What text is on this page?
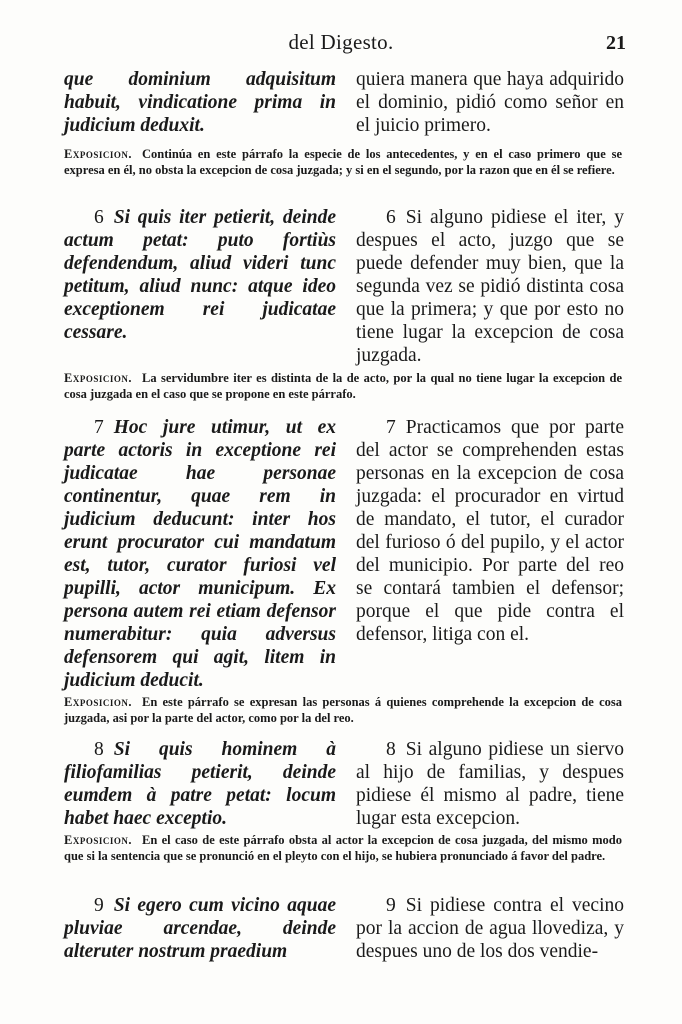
del Digesto.	21
que dominium adquisitum habuit, vindicatione prima in judicium deduxit.
quiera manera que haya adquirido el dominio, pidió como señor en el juicio primero.
Exposicion. Continúa en este párrafo la especie de los antecedentes, y en el caso primero que se expresa en él, no obsta la excepcion de cosa juzgada; y si en el segundo, por la razon que en él se refiere.
6 Si quis iter petierit, deinde actum petat: puto fortiùs defendendum, aliud videri tunc petitum, aliud nunc: atque ideo exceptionem rei judicatae cessare.
6 Si alguno pidiese el iter, y despues el acto, juzgo que se puede defender muy bien, que la segunda vez se pidió distinta cosa que la primera; y que por esto no tiene lugar la excepcion de cosa juzgada.
Exposicion. La servidumbre iter es distinta de la de acto, por la qual no tiene lugar la excepcion de cosa juzgada en el caso que se propone en este párrafo.
7 Hoc jure utimur, ut ex parte actoris in exceptione rei judicatae hae personae continentur, quae rem in judicium deducunt: inter hos erunt procurator cui mandatum est, tutor, curator furiosi vel pupilli, actor municipum. Ex persona autem rei etiam defensor numerabitur: quia adversus defensorem qui agit, litem in judicium deducit.
7 Practicamos que por parte del actor se comprehenden estas personas en la excepcion de cosa juzgada: el procurador en virtud de mandato, el tutor, el curador del furioso ó del pupilo, y el actor del municipio. Por parte del reo se contará tambien el defensor; porque el que pide contra el defensor, litiga con el.
Exposicion. En este párrafo se expresan las personas á quienes comprehende la excepcion de cosa juzgada, asi por la parte del actor, como por la del reo.
8 Si quis hominem à filiofamilias petierit, deinde eumdem à patre petat: locum habet haec exceptio.
8 Si alguno pidiese un siervo al hijo de familias, y despues pidiese él mismo al padre, tiene lugar esta excepcion.
Exposicion. En el caso de este párrafo obsta al actor la excepcion de cosa juzgada, del mismo modo que si la sentencia que se pronunció en el pleyto con el hijo, se hubiera pronunciado á favor del padre.
9 Si egero cum vicino aquae pluviae arcendae, deinde alteruter nostrum praedium
9 Si pidiese contra el vecino por la accion de agua llovediza, y despues uno de los dos vendie-
